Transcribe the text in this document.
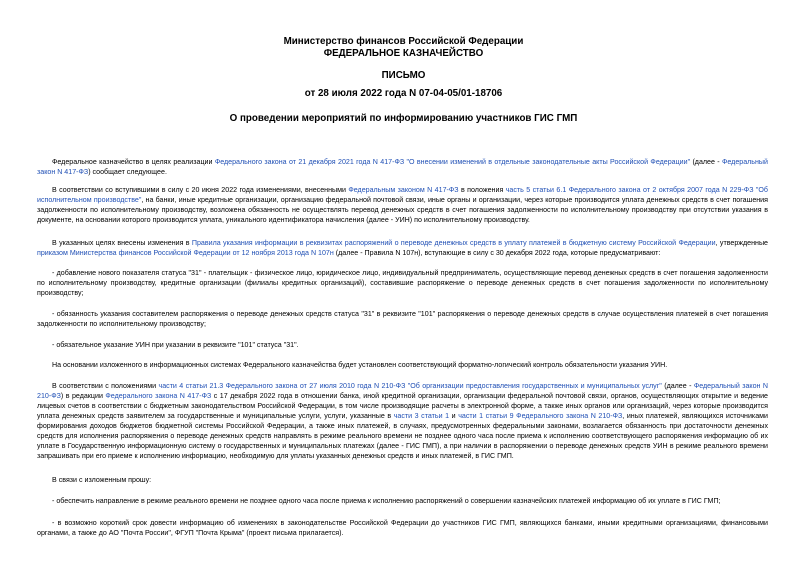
Министерство финансов Российской Федерации
ФЕДЕРАЛЬНОЕ КАЗНАЧЕЙСТВО
ПИСЬМО
от 28 июля 2022 года N 07-04-05/01-18706
О проведении мероприятий по информированию участников ГИС ГМП
Федеральное казначейство в целях реализации Федерального закона от 21 декабря 2021 года N 417-ФЗ "О внесении изменений в отдельные законодательные акты Российской Федерации" (далее - Федеральный закон N 417-ФЗ) сообщает следующее.
В соответствии со вступившими в силу с 20 июня 2022 года изменениями, внесенными Федеральным законом N 417-ФЗ в положения часть 5 статьи 6.1 Федерального закона от 2 октября 2007 года N 229-ФЗ "Об исполнительном производстве", на банки, иные кредитные организации, организацию федеральной почтовой связи, иные органы и организации, через которые производится уплата денежных средств в счет погашения задолженности по исполнительному производству, возложена обязанность не осуществлять перевод денежных средств в счет погашения задолженности по исполнительному производству при отсутствии указания в документе, на основании которого производится уплата, уникального идентификатора начисления (далее - УИН) по исполнительному производству.
В указанных целях внесены изменения в Правила указания информации в реквизитах распоряжений о переводе денежных средств в уплату платежей в бюджетную систему Российской Федерации, утвержденные приказом Министерства финансов Российской Федерации от 12 ноября 2013 года N 107н (далее - Правила N 107н), вступающие в силу с 30 декабря 2022 года, которые предусматривают:
- добавление нового показателя статуса "31" - плательщик - физическое лицо, юридическое лицо, индивидуальный предприниматель, осуществляющие перевод денежных средств в счет погашения задолженности по исполнительному производству, кредитные организации (филиалы кредитных организаций), составившие распоряжение о переводе денежных средств в счет погашения задолженности по исполнительному производству;
- обязанность указания составителем распоряжения о переводе денежных средств статуса "31" в реквизите "101" распоряжения о переводе денежных средств в случае осуществления платежей в счет погашения задолженности по исполнительному производству;
- обязательное указание УИН при указании в реквизите "101" статуса "31".
На основании изложенного в информационных системах Федерального казначейства будет установлен соответствующий форматно-логический контроль обязательности указания УИН.
В соответствии с положениями части 4 статьи 21.3 Федерального закона от 27 июля 2010 года N 210-ФЗ "Об организации предоставления государственных и муниципальных услуг" (далее - Федеральный закон N 210-ФЗ) в редакции Федерального закона N 417-ФЗ с 17 декабря 2022 года в отношении банка, иной кредитной организации, организации федеральной почтовой связи, органов, осуществляющих открытие и ведение лицевых счетов в соответствии с бюджетным законодательством Российской Федерации, в том числе производящие расчеты в электронной форме, а также иных органов или организаций, через которые производится уплата денежных средств заявителем за государственные и муниципальные услуги, услуги, указанные в части 3 статьи 1 и части 1 статьи 9 Федерального закона N 210-ФЗ, иных платежей, являющихся источниками формирования доходов бюджетов бюджетной системы Российской Федерации, а также иных платежей, в случаях, предусмотренных федеральными законами, возлагается обязанность при достаточности денежных средств для исполнения распоряжения о переводе денежных средств направлять в режиме реального времени не позднее одного часа после приема к исполнению соответствующего распоряжения информацию об их уплате в Государственную информационную систему о государственных и муниципальных платежах (далее - ГИС ГМП), а при наличии в распоряжении о переводе денежных средств УИН в режиме реального времени запрашивать при его приеме к исполнению информацию, необходимую для уплаты указанных денежных средств и иных платежей, в ГИС ГМП.
В связи с изложенным прошу:
- обеспечить направление в режиме реального времени не позднее одного часа после приема к исполнению распоряжений о совершении казначейских платежей информацию об их уплате в ГИС ГМП;
- в возможно короткий срок довести информацию об изменениях в законодательстве Российской Федерации до участников ГИС ГМП, являющихся банками, иными кредитными организациями, финансовыми органами, а также до АО "Почта России", ФГУП "Почта Крыма" (проект письма прилагается).
